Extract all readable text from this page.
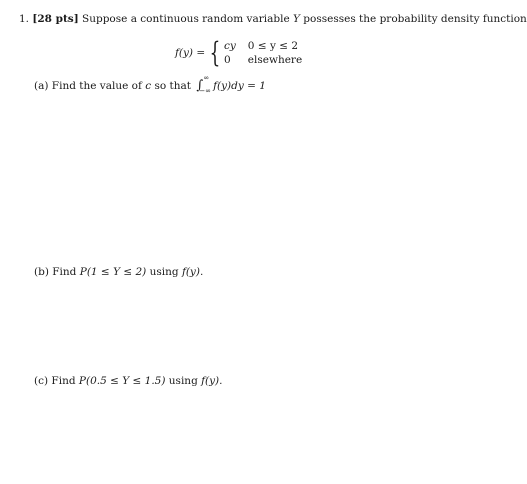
1. [28 pts] Suppose a continuous random variable Y possesses the probability density function
f(y) = { cy 0 ≤ y ≤ 2
0	elsewhere
(a) Find the value of c so that ∫ ∞
−∞ f(y)dy = 1
(b) Find P(1 ≤ Y ≤ 2) using f(y).
(c) Find P(0.5 ≤ Y ≤ 1.5) using f(y).
